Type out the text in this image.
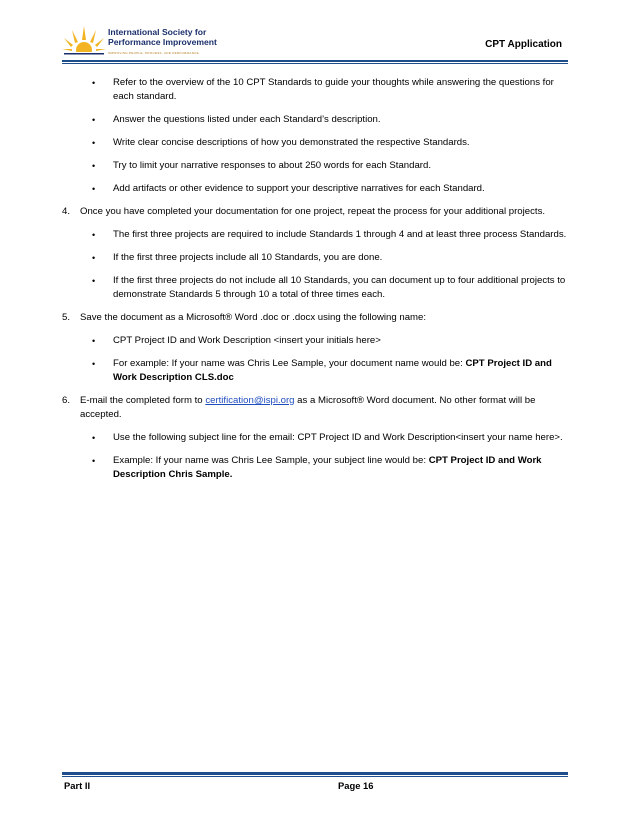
International Society for
Performance Improvement
IMPROVING PEOPLE, PROCESS, AND PERFORMANCE
CPT Application
• Refer to the overview of the 10 CPT Standards to guide your thoughts while answering the questions for each standard.
• Answer the questions listed under each Standard’s description.
• Write clear concise descriptions of how you demonstrated the respective Standards.
• Try to limit your narrative responses to about 250 words for each Standard.
• Add artifacts or other evidence to support your descriptive narratives for each Standard.
4. Once you have completed your documentation for one project, repeat the process for your additional projects.
• The first three projects are required to include Standards 1 through 4 and at least three process Standards.
• If the first three projects include all 10 Standards, you are done.
• If the first three projects do not include all 10 Standards, you can document up to four additional projects to demonstrate Standards 5 through 10 a total of three times each.
5. Save the document as a Microsoft® Word .doc or .docx using the following name:
• CPT Project ID and Work Description <insert your initials here>
• For example: If your name was Chris Lee Sample, your document name would be: CPT Project ID and Work Description CLS.doc
6. E-mail the completed form to certification@ispi.org as a Microsoft® Word document. No other format will be accepted.
• Use the following subject line for the email: CPT Project ID and Work Description<insert your name here>.
• Example: If your name was Chris Lee Sample, your subject line would be: CPT Project ID and Work Description Chris Sample.
Part II	Page 16
